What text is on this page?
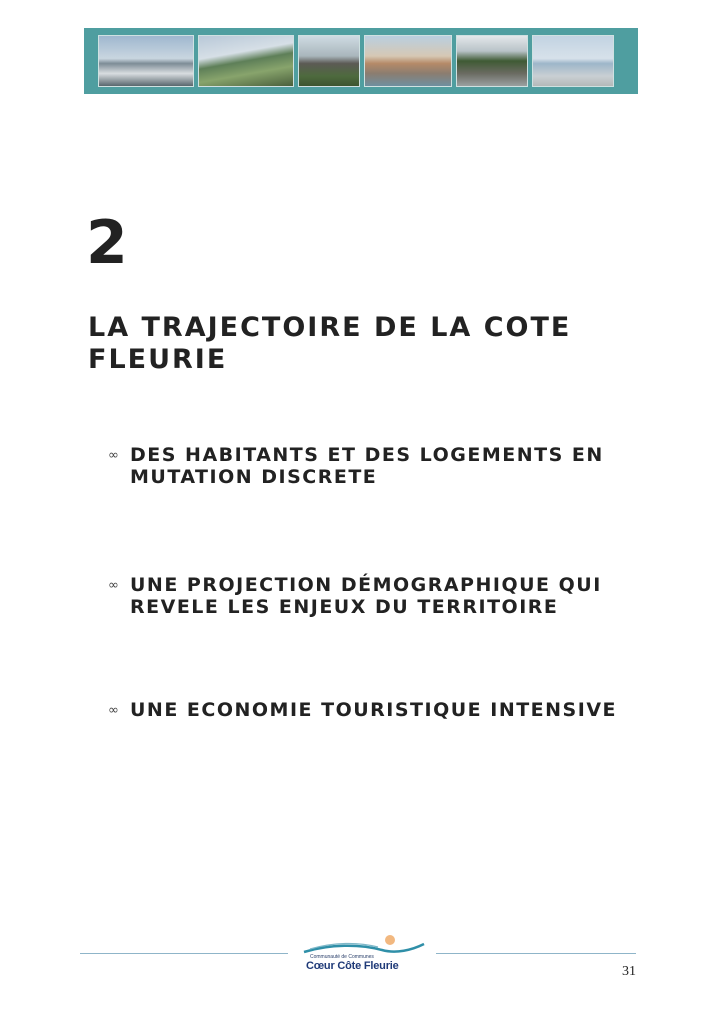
2
LA TRAJECTOIRE DE LA COTE FLEURIE
∞ DES HABITANTS ET DES LOGEMENTS EN MUTATION DISCRETE
∞ UNE PROJECTION DÉMOGRAPHIQUE QUI REVELE LES ENJEUX DU TERRITOIRE
∞ UNE ECONOMIE TOURISTIQUE INTENSIVE
Communauté de Communes
Cœur Côte Fleurie	31
